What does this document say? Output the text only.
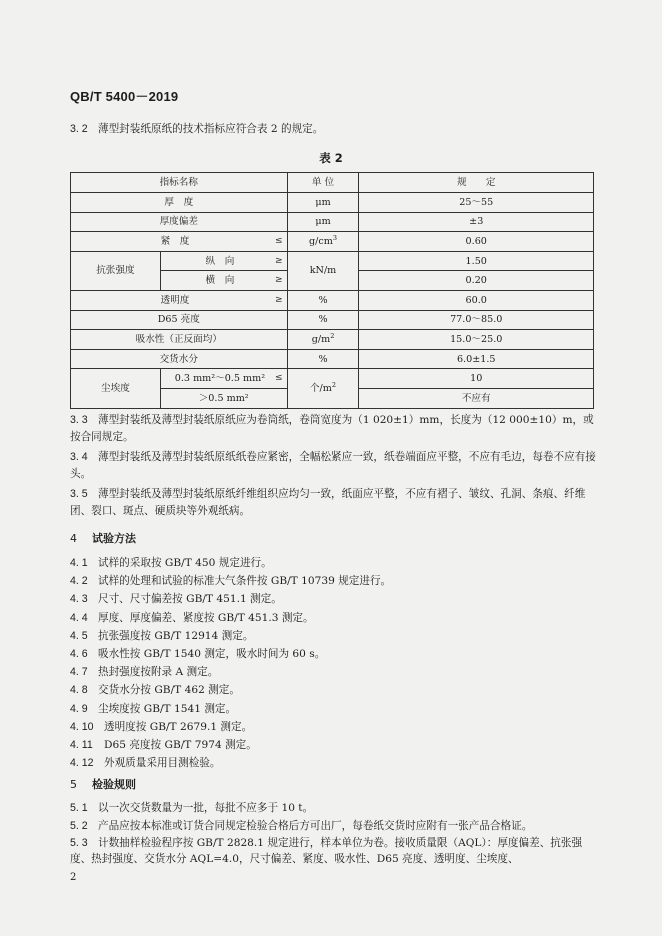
QB/T 5400－2019
3. 2 薄型封装纸原纸的技术指标应符合表 2 的规定。
表 2
指标名称		单 位	规　　定
厚　度		μm	25～55
厚度偏差		μm	±3
紧　度 ≤		$g/cm^3$	0.60
抗张强度	纵　向 ≥	kN/m	1.50
	横　向 ≥		0.20
透明度 ≥		%	60.0
D65 亮度		%	77.0～85.0
吸水性（正反面均）		$g/m^2$	15.0～25.0
交货水分		%	6.0±1.5
尘埃度	0.3 mm²～0.5 mm² ≤	个$/m^2$	10
	＞0.5 mm²		不应有
3. 3 薄型封装纸及薄型封装纸原纸应为卷筒纸，卷筒宽度为（1 020±1）mm，长度为（12 000±10）m，或按合同规定。
3. 4 薄型封装纸及薄型封装纸原纸纸卷应紧密，全幅松紧应一致，纸卷端面应平整，不应有毛边，每卷不应有接头。
3. 5 薄型封装纸及薄型封装纸原纸纤维组织应均匀一致，纸面应平整，不应有褶子、皱纹、孔洞、条痕、纤维团、裂口、斑点、硬质块等外观纸病。
4 试验方法
4. 1 试样的采取按 GB/T 450 规定进行。
4. 2 试样的处理和试验的标准大气条件按 GB/T 10739 规定进行。
4. 3 尺寸、尺寸偏差按 GB/T 451.1 测定。
4. 4 厚度、厚度偏差、紧度按 GB/T 451.3 测定。
4. 5 抗张强度按 GB/T 12914 测定。
4. 6 吸水性按 GB/T 1540 测定，吸水时间为 60 s。
4. 7 热封强度按附录 A 测定。
4. 8 交货水分按 GB/T 462 测定。
4. 9 尘埃度按 GB/T 1541 测定。
4. 10 透明度按 GB/T 2679.1 测定。
4. 11 D65 亮度按 GB/T 7974 测定。
4. 12 外观质量采用目测检验。
5 检验规则
5. 1 以一次交货数量为一批，每批不应多于 10 t。
5. 2 产品应按本标准或订货合同规定检验合格后方可出厂，每卷纸交货时应附有一张产品合格证。
5. 3 计数抽样检验程序按 GB/T 2828.1 规定进行，样本单位为卷。接收质量限（AQL）：厚度偏差、抗张强度、热封强度、交货水分 AQL=4.0，尺寸偏差、紧度、吸水性、D65 亮度、透明度、尘埃度、
2
